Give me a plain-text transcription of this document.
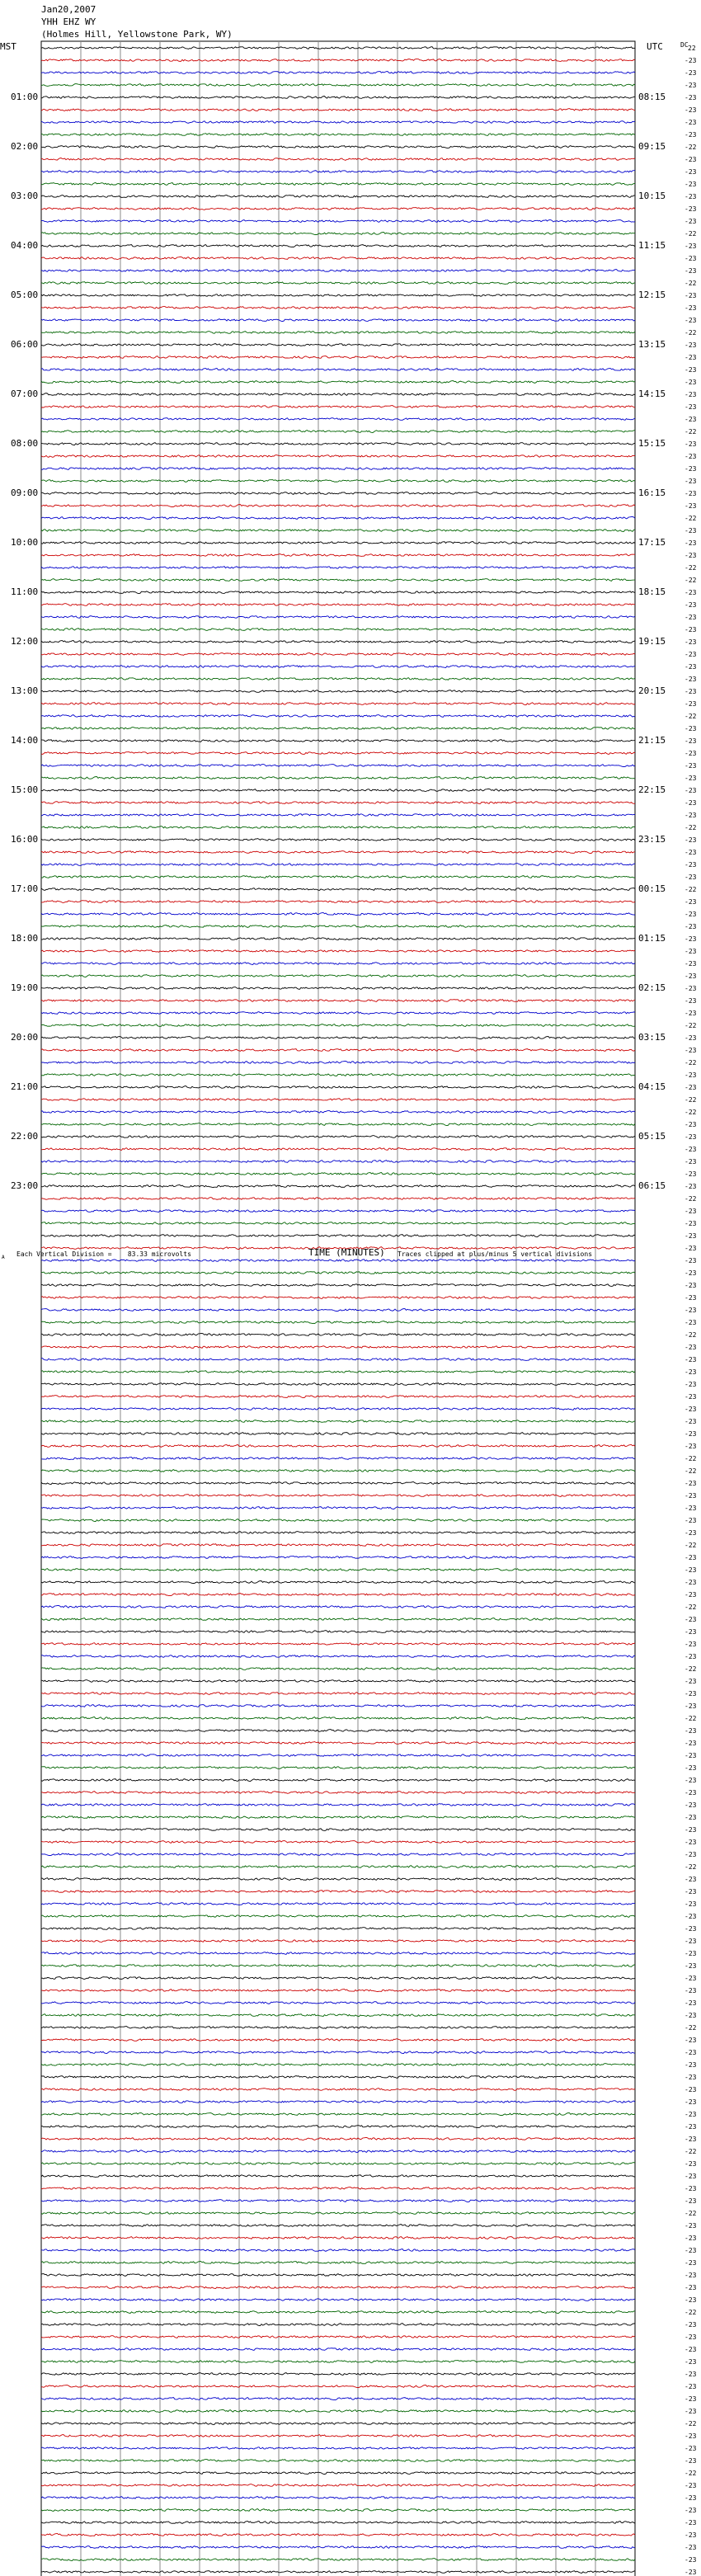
Jan20,2007
YHH EHZ WY
(Holmes Hill, Yellowstone Park, WY)
MST	UTC	DC
01:00
02:00
03:00
04:00
05:00
06:00
07:00
08:00
09:00
10:00
11:00
12:00
13:00
14:00
15:00
16:00
17:00
18:00
19:00
20:00
21:00
22:00
23:00
08:15
09:15
10:15
11:15
12:15
13:15
14:15
15:15
16:15
17:15
18:15
19:15
20:15
21:15
22:15
23:15
00:15
01:15
02:15
03:15
04:15
05:15
06:15
22
-23
-23
-23
-23
-23
-23
-23
-22
-23
-23
-23
-23
-23
-23
-22
-23
-23
-23
-22
-23
-23
-23
-22
-23
-23
-23
-23
-23
-23
-23
-22
-23
-23
-23
-23
-23
-23
-22
-23
-23
-23
-22
-22
-23
-23
-23
-23
-23
-23
-23
-23
-23
-23
-22
-23
-23
-23
-23
-23
-23
-23
-23
-22
-23
-23
-23
-23
-22
-23
-23
-23
-23
-23
-23
-23
-23
-23
-23
-22
-23
-23
-22
-23
-23
-22
-22
-23
-23
-23
-23
-23
-23
-22
-23
-23
-23
-23
-23
-23
-23
-23
-23
-23
-22
-23
-23
-23
-23
-23
-23
-23
-23
-23
-22
-22
-23
-23
-23
-23
-23
-22
-23
-23
-23
-23
-22
-23
-23
-23
-23
-22
-23
-23
-23
-22
-23
-23
-23
-23
-23
-23
-23
-23
-23
-23
-23
-22
-23
-23
-23
-23
-23
-23
-23
-23
-23
-23
-23
-23
-22
-23
-23
-23
-23
-23
-23
-23
-23
-23
-22
-23
-23
-23
-23
-22
-23
-23
-23
-23
-23
-23
-23
-22
-23
-23
-23
-23
-23
-23
-23
-23
-22
-23
-23
-23
-22
-23
-23
-23
-23
-23
-23
-23
-23
A Each Vertical Division =    83.33 microvolts	TIME (MINUTES) Traces clipped at plus/minus 5 vertical divisions
